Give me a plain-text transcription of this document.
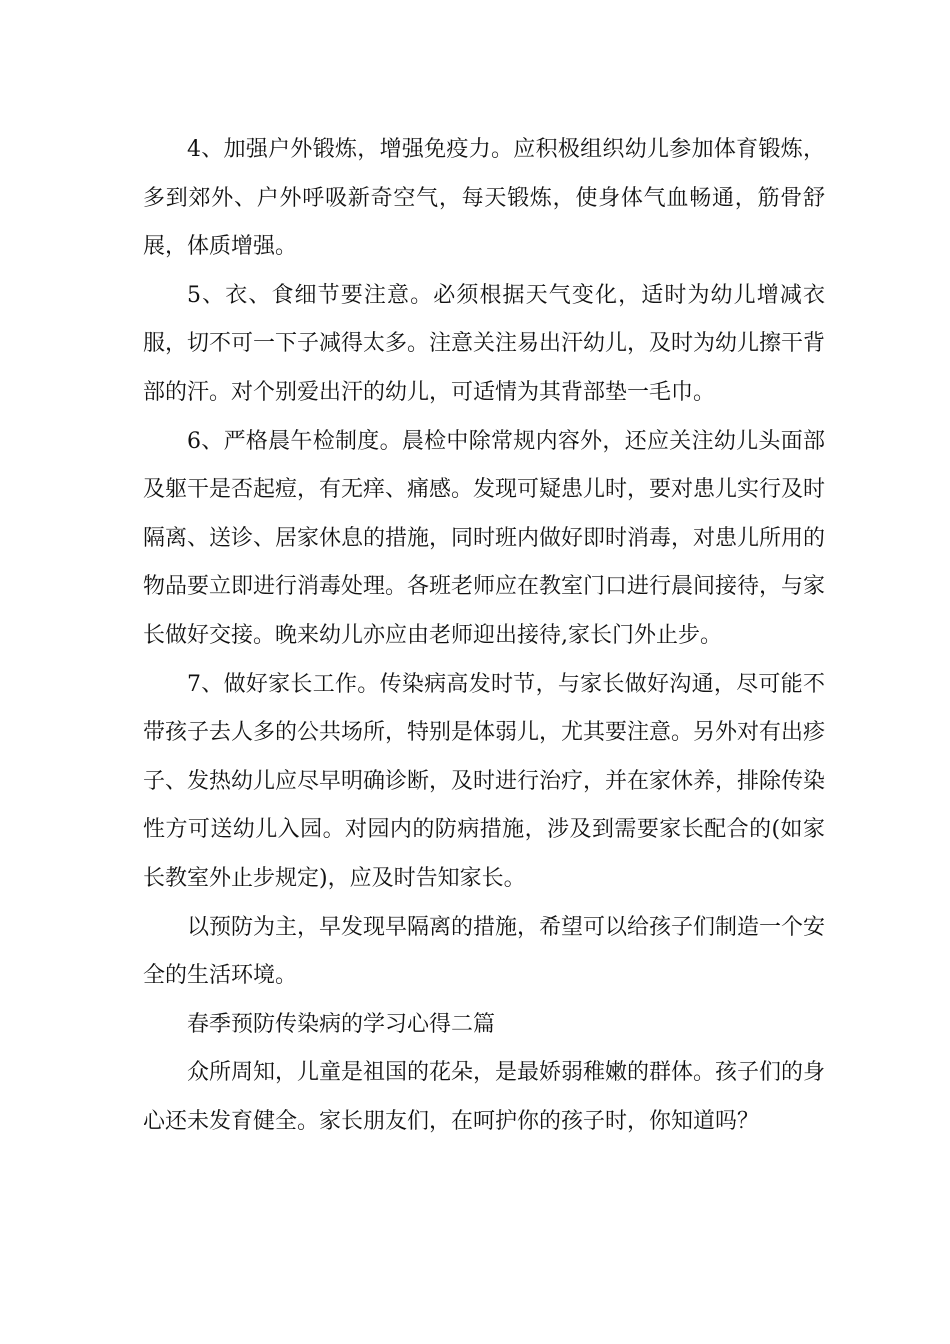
4、加强户外锻炼，增强免疫力。应积极组织幼儿参加体育锻炼，多到郊外、户外呼吸新奇空气，每天锻炼，使身体气血畅通，筋骨舒展，体质增强。

5、衣、食细节要注意。必须根据天气变化，适时为幼儿增减衣服，切不可一下子减得太多。注意关注易出汗幼儿，及时为幼儿擦干背部的汗。对个别爱出汗的幼儿，可适情为其背部垫一毛巾。

6、严格晨午检制度。晨检中除常规内容外，还应关注幼儿头面部及躯干是否起痘，有无痒、痛感。发现可疑患儿时，要对患儿实行及时隔离、送诊、居家休息的措施，同时班内做好即时消毒，对患儿所用的物品要立即进行消毒处理。各班老师应在教室门口进行晨间接待，与家长做好交接。晚来幼儿亦应由老师迎出接待,家长门外止步。

7、做好家长工作。传染病高发时节，与家长做好沟通，尽可能不带孩子去人多的公共场所，特别是体弱儿，尤其要注意。另外对有出疹子、发热幼儿应尽早明确诊断，及时进行治疗，并在家休养，排除传染性方可送幼儿入园。对园内的防病措施，涉及到需要家长配合的(如家长教室外止步规定)，应及时告知家长。

以预防为主，早发现早隔离的措施，希望可以给孩子们制造一个安全的生活环境。

春季预防传染病的学习心得二篇

众所周知，儿童是祖国的花朵，是最娇弱稚嫩的群体。孩子们的身心还未发育健全。家长朋友们，在呵护你的孩子时，你知道吗？
